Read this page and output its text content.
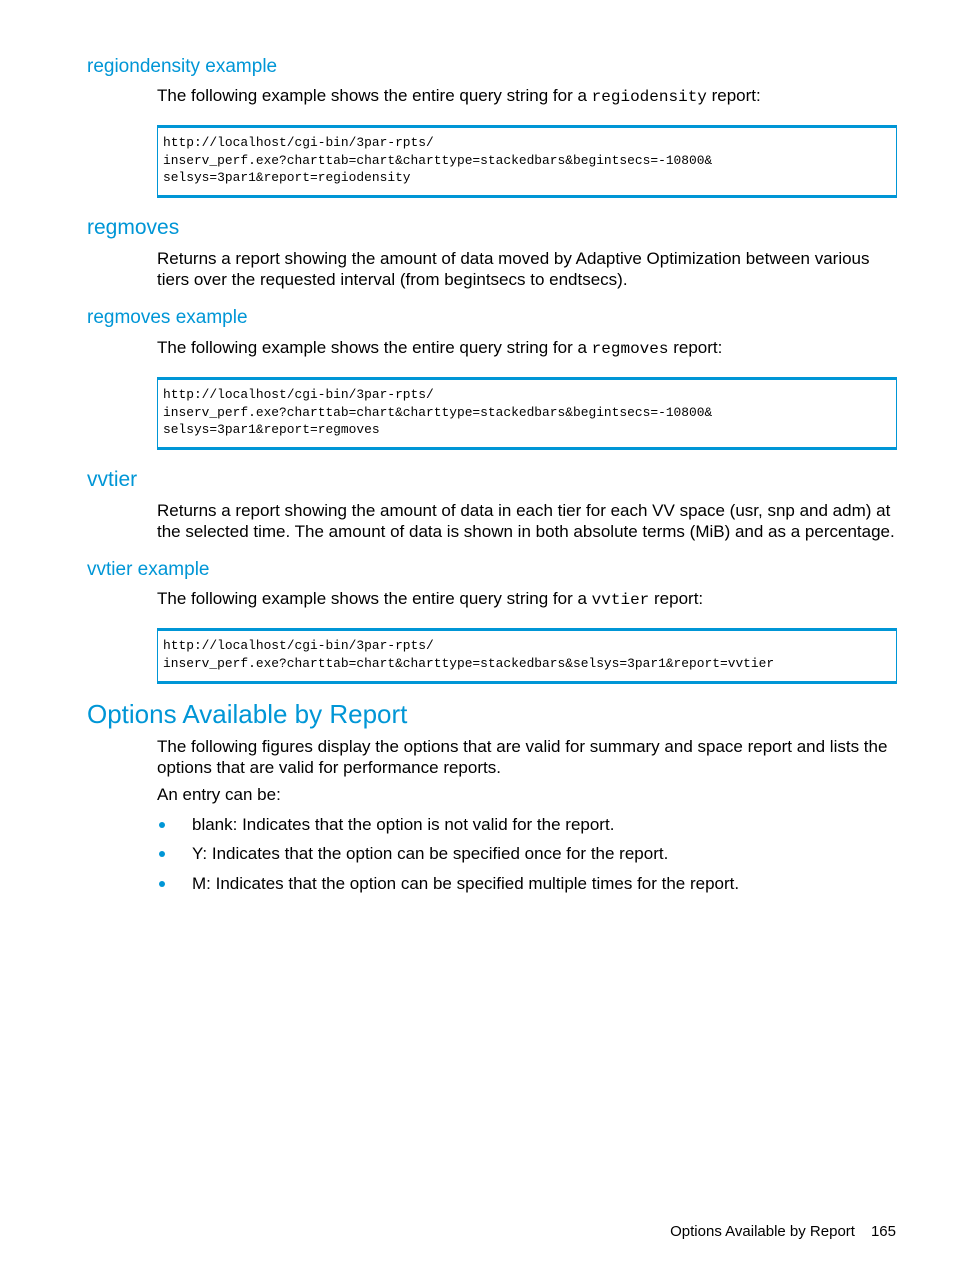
regiondensity example
The following example shows the entire query string for a regiodensity report:
http://localhost/cgi-bin/3par-rpts/
inserv_perf.exe?charttab=chart&charttype=stackedbars&begintsecs=-10800&
selsys=3par1&report=regiodensity
regmoves
Returns a report showing the amount of data moved by Adaptive Optimization between various tiers over the requested interval (from begintsecs to endtsecs).
regmoves example
The following example shows the entire query string for a regmoves report:
http://localhost/cgi-bin/3par-rpts/
inserv_perf.exe?charttab=chart&charttype=stackedbars&begintsecs=-10800&
selsys=3par1&report=regmoves
vvtier
Returns a report showing the amount of data in each tier for each VV space (usr, snp and adm) at the selected time. The amount of data is shown in both absolute terms (MiB) and as a percentage.
vvtier example
The following example shows the entire query string for a vvtier report:
http://localhost/cgi-bin/3par-rpts/
inserv_perf.exe?charttab=chart&charttype=stackedbars&selsys=3par1&report=vvtier
Options Available by Report
The following figures display the options that are valid for summary and space report and lists the options that are valid for performance reports.
An entry can be:
blank: Indicates that the option is not valid for the report.
Y: Indicates that the option can be specified once for the report.
M: Indicates that the option can be specified multiple times for the report.
Options Available by Report 165
